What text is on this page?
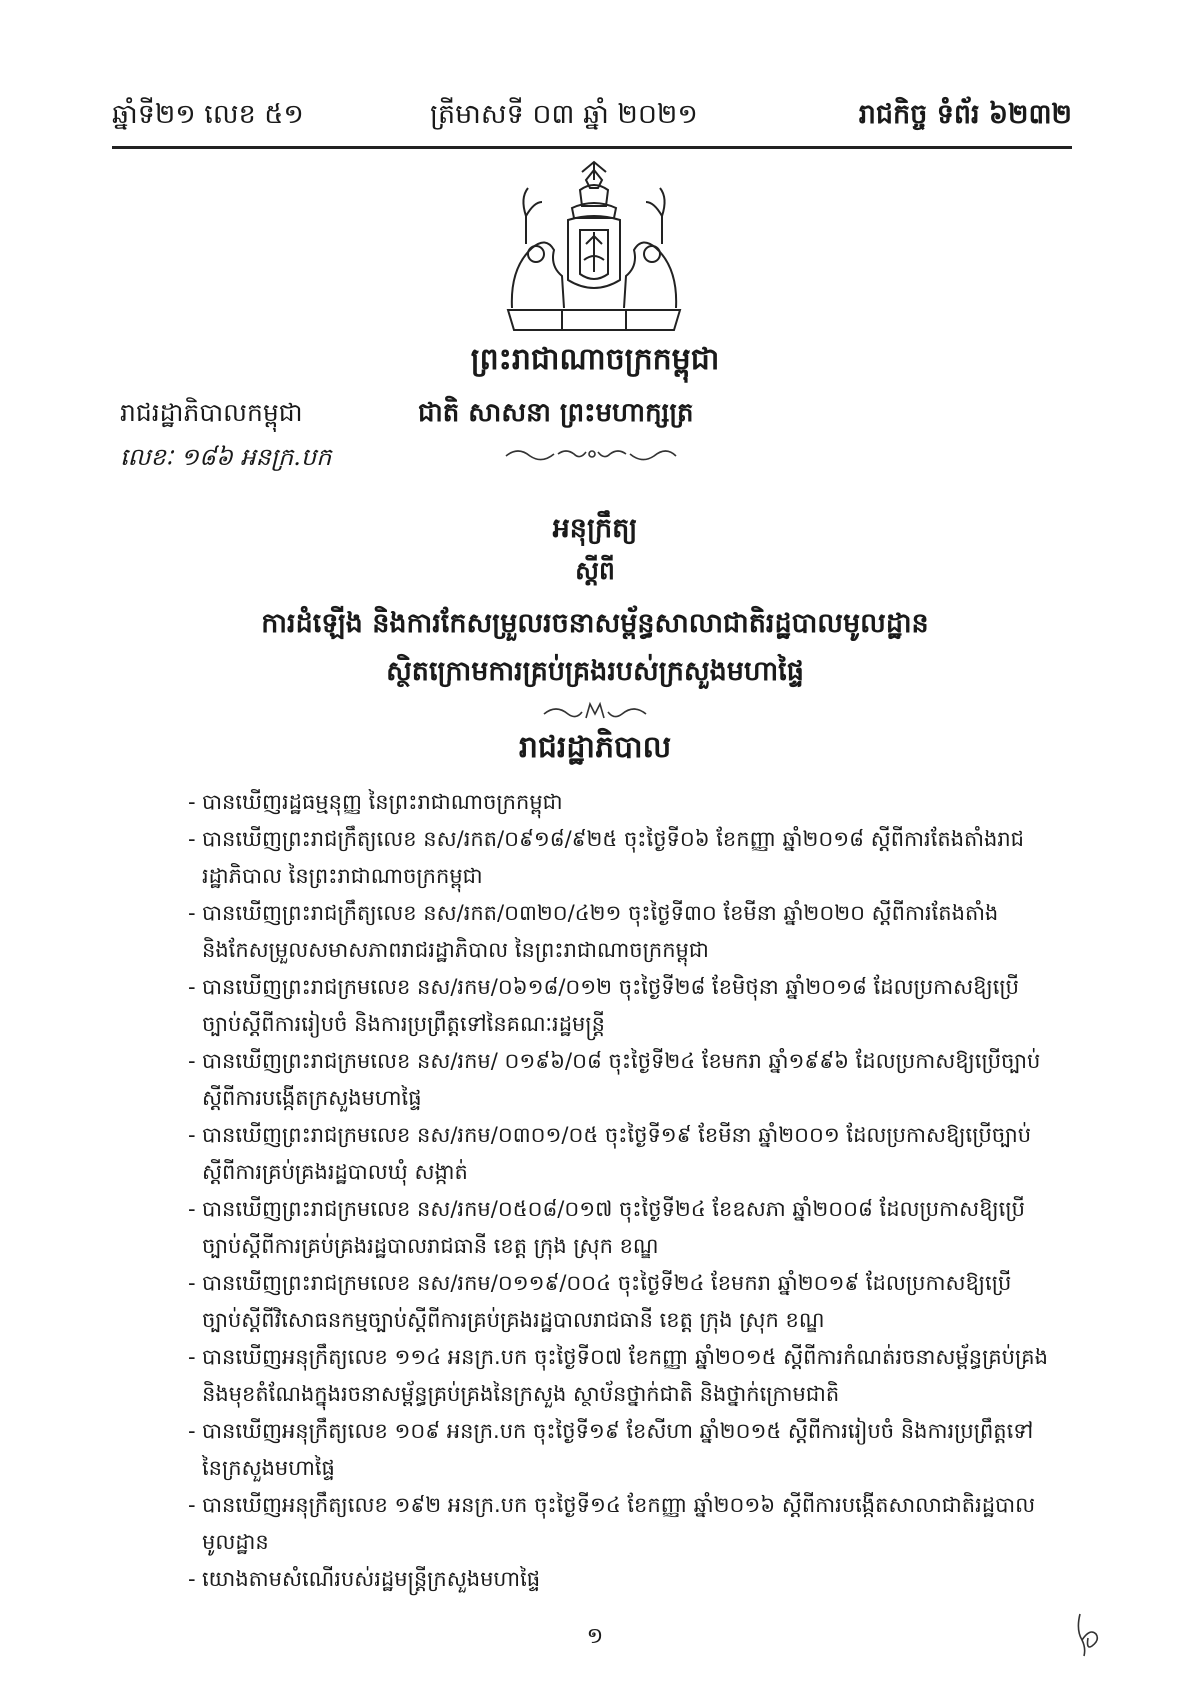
ឆ្នាំទី២១ លេខ ៥១	ត្រីមាសទី ០៣ ឆ្នាំ ២០២១	រាជកិច្ច ទំព័រ ៦២៣២
ព្រះរាជាណាចក្រកម្ពុជា
រាជរដ្ឋាភិបាលកម្ពុជា	ជាតិ សាសនា ព្រះមហាក្សត្រ
លេខៈ ១៨៦ អនក្រ.បក
អនុក្រឹត្យ
ស្តីពី
ការដំឡើង និងការកែសម្រួលរចនាសម្ព័ន្ធសាលាជាតិរដ្ឋបាលមូលដ្ឋាន
ស្ថិតក្រោមការគ្រប់គ្រងរបស់ក្រសួងមហាផ្ទៃ
រាជរដ្ឋាភិបាល
- បានឃើញរដ្ឋធម្មនុញ្ញ នៃព្រះរាជាណាចក្រកម្ពុជា
- បានឃើញព្រះរាជក្រឹត្យលេខ នស/រកត/០៩១៨/៩២៥ ចុះថ្ងៃទី០៦ ខែកញ្ញា ឆ្នាំ២០១៨ ស្តីពីការតែងតាំងរាជរដ្ឋាភិបាល នៃព្រះរាជាណាចក្រកម្ពុជា
- បានឃើញព្រះរាជក្រឹត្យលេខ នស/រកត/០៣២០/៤២១ ចុះថ្ងៃទី៣០ ខែមីនា ឆ្នាំ២០២០ ស្តីពីការតែងតាំង និងកែសម្រួលសមាសភាពរាជរដ្ឋាភិបាល នៃព្រះរាជាណាចក្រកម្ពុជា
- បានឃើញព្រះរាជក្រមលេខ នស/រកម/០៦១៨/០១២ ចុះថ្ងៃទី២៨ ខែមិថុនា ឆ្នាំ២០១៨ ដែលប្រកាសឱ្យប្រើច្បាប់ស្តីពីការរៀបចំ និងការប្រព្រឹត្តទៅនៃគណៈរដ្ឋមន្ត្រី
- បានឃើញព្រះរាជក្រមលេខ នស/រកម/ ០១៩៦/០៨ ចុះថ្ងៃទី២៤ ខែមករា ឆ្នាំ១៩៩៦ ដែលប្រកាសឱ្យប្រើច្បាប់ស្តីពីការបង្កើតក្រសួងមហាផ្ទៃ
- បានឃើញព្រះរាជក្រមលេខ នស/រកម/០៣០១/០៥ ចុះថ្ងៃទី១៩ ខែមីនា ឆ្នាំ២០០១ ដែលប្រកាសឱ្យប្រើច្បាប់ស្តីពីការគ្រប់គ្រងរដ្ឋបាលឃុំ សង្កាត់
- បានឃើញព្រះរាជក្រមលេខ នស/រកម/០៥០៨/០១៧ ចុះថ្ងៃទី២៤ ខែឧសភា ឆ្នាំ២០០៨ ដែលប្រកាសឱ្យប្រើច្បាប់ស្តីពីការគ្រប់គ្រងរដ្ឋបាលរាជធានី ខេត្ត ក្រុង ស្រុក ខណ្ឌ
- បានឃើញព្រះរាជក្រមលេខ នស/រកម/០១១៩/០០៤ ចុះថ្ងៃទី២៤ ខែមករា ឆ្នាំ២០១៩ ដែលប្រកាសឱ្យប្រើច្បាប់ស្តីពីវិសោធនកម្មច្បាប់ស្តីពីការគ្រប់គ្រងរដ្ឋបាលរាជធានី ខេត្ត ក្រុង ស្រុក ខណ្ឌ
- បានឃើញអនុក្រឹត្យលេខ ១១៤ អនក្រ.បក ចុះថ្ងៃទី០៧ ខែកញ្ញា ឆ្នាំ២០១៥ ស្តីពីការកំណត់រចនាសម្ព័ន្ធគ្រប់គ្រង និងមុខតំណែងក្នុងរចនាសម្ព័ន្ធគ្រប់គ្រងនៃក្រសួង ស្ថាប័នថ្នាក់ជាតិ និងថ្នាក់ក្រោមជាតិ
- បានឃើញអនុក្រឹត្យលេខ ១០៩ អនក្រ.បក ចុះថ្ងៃទី១៩ ខែសីហា ឆ្នាំ២០១៥ ស្តីពីការរៀបចំ និងការប្រព្រឹត្តទៅនៃក្រសួងមហាផ្ទៃ
- បានឃើញអនុក្រឹត្យលេខ ១៩២ អនក្រ.បក ចុះថ្ងៃទី១៤ ខែកញ្ញា ឆ្នាំ២០១៦ ស្តីពីការបង្កើតសាលាជាតិរដ្ឋបាលមូលដ្ឋាន
- យោងតាមសំណើរបស់រដ្ឋមន្ត្រីក្រសួងមហាផ្ទៃ
១
